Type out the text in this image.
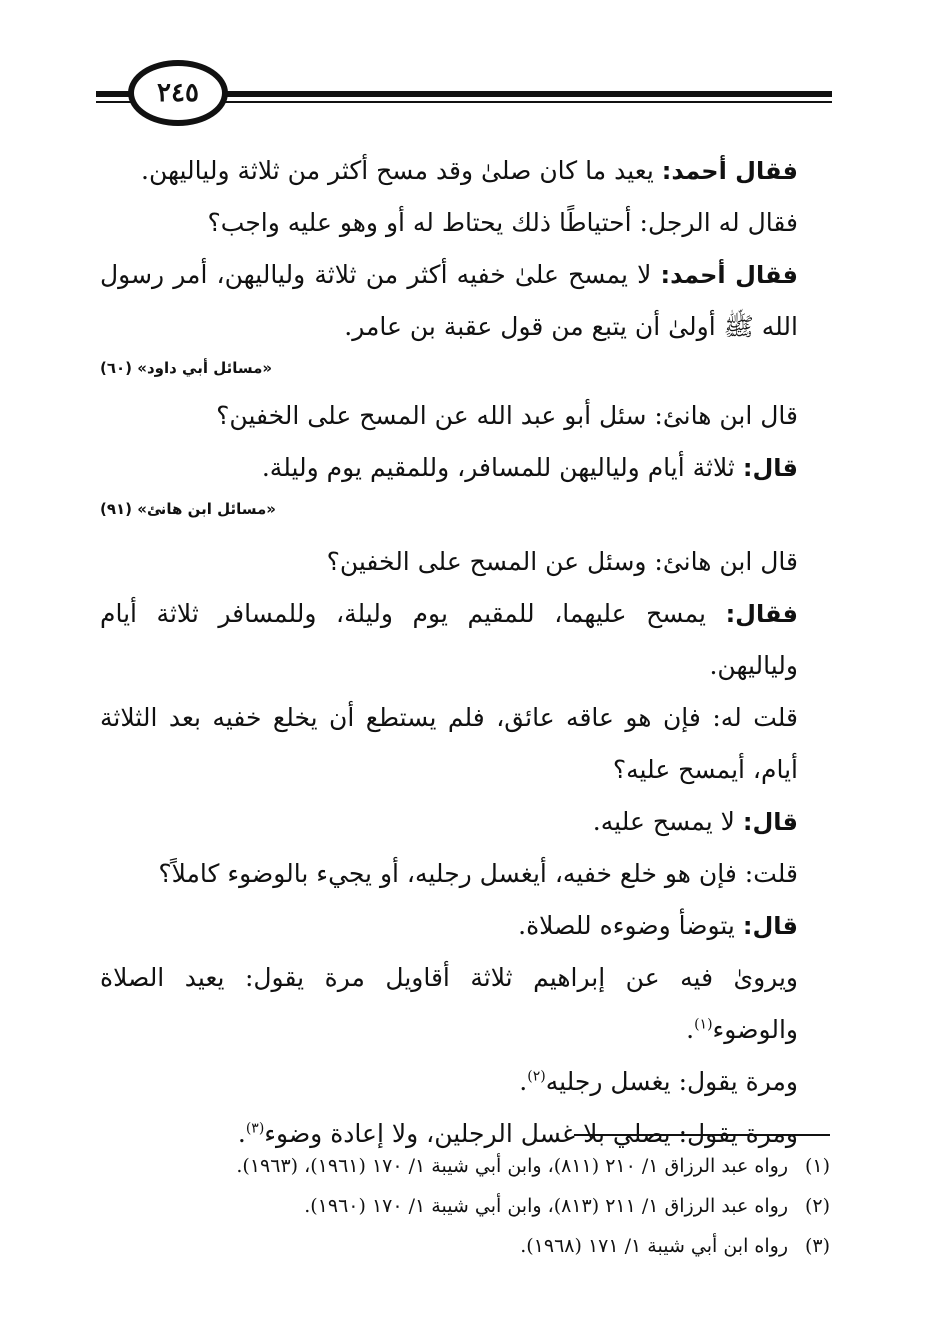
٢٤٥

فقال أحمد: يعيد ما كان صلىٰ وقد مسح أكثر من ثلاثة ولياليهن.

فقال له الرجل: أحتياطًا ذلك يحتاط له أو وهو عليه واجب؟

فقال أحمد: لا يمسح علىٰ خفيه أكثر من ثلاثة ولياليهن، أمر رسول الله ﷺ أولىٰ أن يتبع من قول عقبة بن عامر.

«مسائل أبي داود» (٦٠)

قال ابن هانئ: سئل أبو عبد الله عن المسح على الخفين؟

قال: ثلاثة أيام ولياليهن للمسافر، وللمقيم يوم وليلة.

«مسائل ابن هانئ» (٩١)

قال ابن هانئ: وسئل عن المسح على الخفين؟

فقال: يمسح عليهما، للمقيم يوم وليلة، وللمسافر ثلاثة أيام ولياليهن.

قلت له: فإن هو عاقه عائق، فلم يستطع أن يخلع خفيه بعد الثلاثة أيام، أيمسح عليه؟

قال: لا يمسح عليه.

قلت: فإن هو خلع خفيه، أيغسل رجليه، أو يجيء بالوضوء كاملاً؟

قال: يتوضأ وضوءه للصلاة.

ويروىٰ فيه عن إبراهيم ثلاثة أقاويل مرة يقول: يعيد الصلاة والوضوء$^{(١)}$.

ومرة يقول: يغسل رجليه$^{(٢)}$.

ومرة يقول: يصلي بلا غسل الرجلين، ولا إعادة وضوء$^{(٣)}$.

(١)رواه عبد الرزاق ١/ ٢١٠ (٨١١)، وابن أبي شيبة ١/ ١٧٠ (١٩٦١)، (١٩٦٣).

(٢)رواه عبد الرزاق ١/ ٢١١ (٨١٣)، وابن أبي شيبة ١/ ١٧٠ (١٩٦٠).

(٣)رواه ابن أبي شيبة ١/ ١٧١ (١٩٦٨).
